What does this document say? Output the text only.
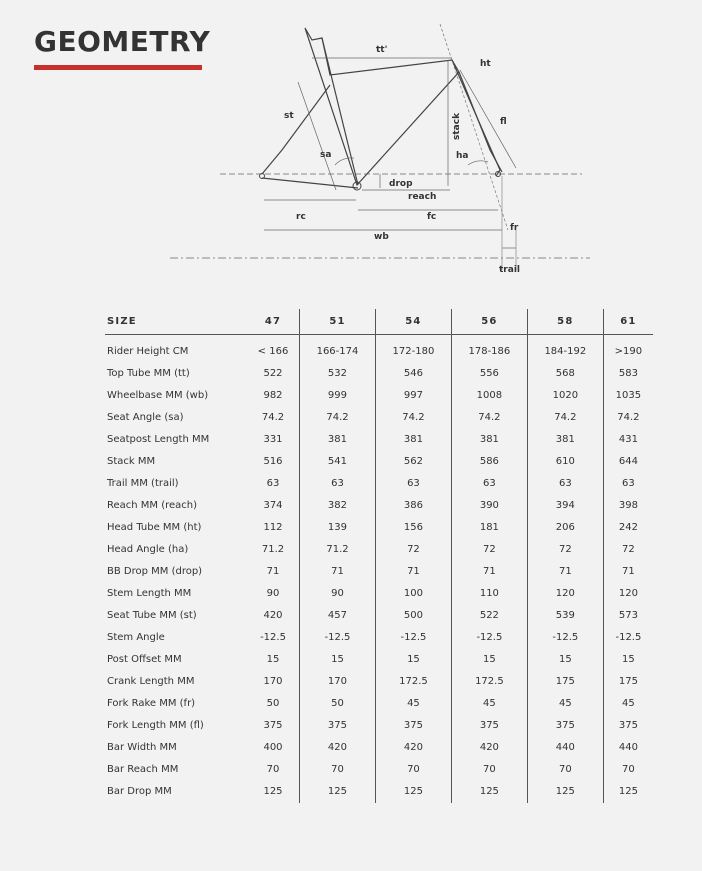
GEOMETRY	tt'
ht
st
fl
stack
sa	ha
drop
reach
rc	fc
fr
wb
trail
SIZE	47	51	54	56	58	61

Rider Height CM	< 166	166-174	172-180	178-186	184-192	>190
Top Tube MM (tt)	522	532	546	556	568	583
Wheelbase MM (wb)	982	999	997	1008	1020	1035
Seat Angle (sa)	74.2	74.2	74.2	74.2	74.2	74.2
Seatpost Length MM	331	381	381	381	381	431
Stack MM	516	541	562	586	610	644
Trail MM (trail)	63	63	63	63	63	63
Reach MM (reach)	374	382	386	390	394	398
Head Tube MM (ht)	112	139	156	181	206	242
Head Angle (ha)	71.2	71.2	72	72	72	72
BB Drop MM (drop)	71	71	71	71	71	71
Stem Length MM	90	90	100	110	120	120
Seat Tube MM (st)	420	457	500	522	539	573
Stem Angle	-12.5	-12.5	-12.5	-12.5	-12.5	-12.5
Post Offset MM	15	15	15	15	15	15
Crank Length MM	170	170	172.5	172.5	175	175
Fork Rake MM (fr)	50	50	45	45	45	45
Fork Length MM (fl)	375	375	375	375	375	375
Bar Width MM	400	420	420	420	440	440
Bar Reach MM	70	70	70	70	70	70
Bar Drop MM	125	125	125	125	125	125
